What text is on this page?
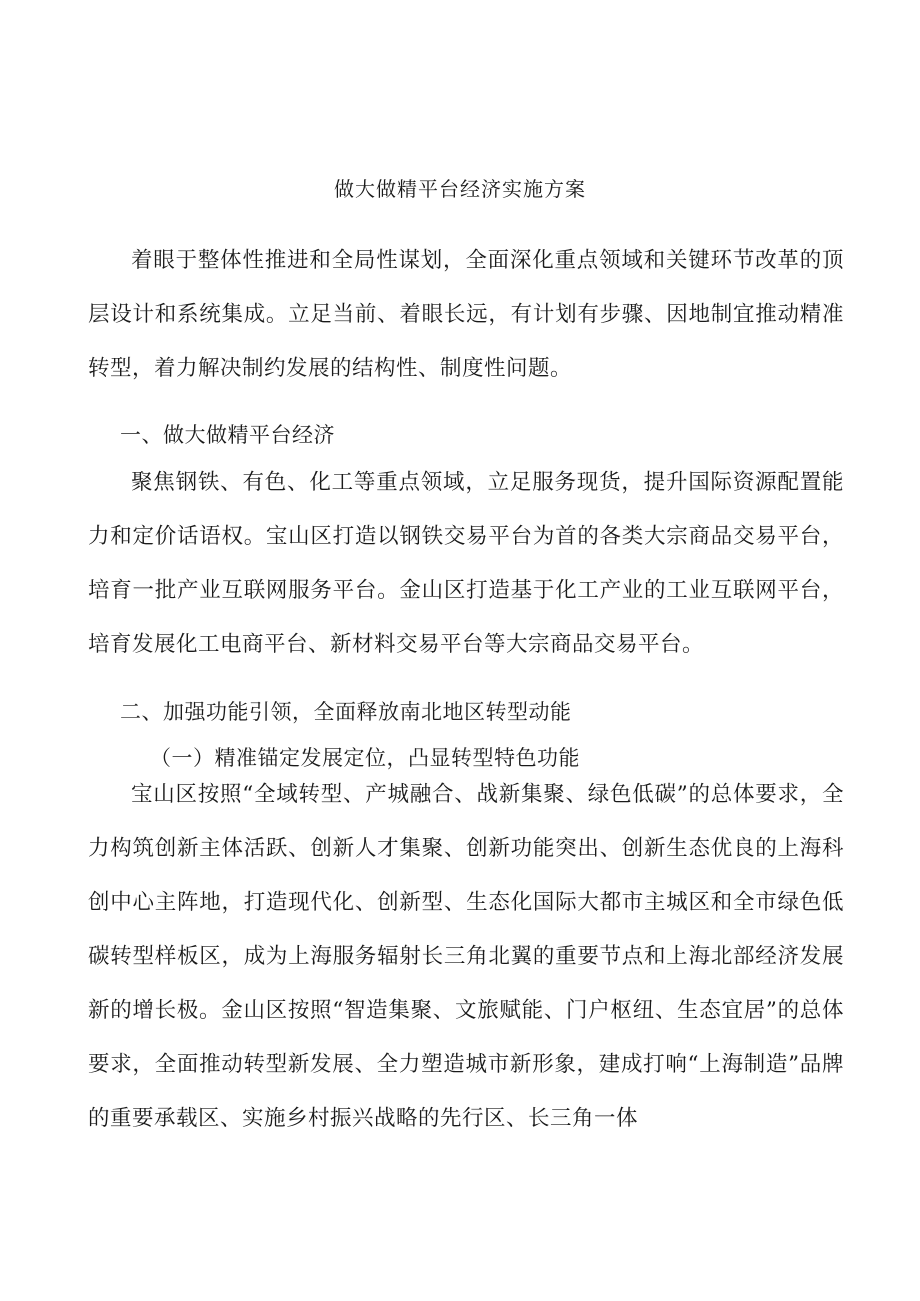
做大做精平台经济实施方案

着眼于整体性推进和全局性谋划，全面深化重点领域和关键环节改革的顶层设计和系统集成。立足当前、着眼长远，有计划有步骤、因地制宜推动精准转型，着力解决制约发展的结构性、制度性问题。

一、做大做精平台经济

聚焦钢铁、有色、化工等重点领域，立足服务现货，提升国际资源配置能力和定价话语权。宝山区打造以钢铁交易平台为首的各类大宗商品交易平台，培育一批产业互联网服务平台。金山区打造基于化工产业的工业互联网平台，培育发展化工电商平台、新材料交易平台等大宗商品交易平台。

二、加强功能引领，全面释放南北地区转型动能
（一）精准锚定发展定位，凸显转型特色功能

宝山区按照“全域转型、产城融合、战新集聚、绿色低碳”的总体要求，全力构筑创新主体活跃、创新人才集聚、创新功能突出、创新生态优良的上海科创中心主阵地，打造现代化、创新型、生态化国际大都市主城区和全市绿色低碳转型样板区，成为上海服务辐射长三角北翼的重要节点和上海北部经济发展新的增长极。金山区按照“智造集聚、文旅赋能、门户枢纽、生态宜居”的总体要求，全面推动转型新发展、全力塑造城市新形象，建成打响“上海制造”品牌的重要承载区、实施乡村振兴战略的先行区、长三角一体
